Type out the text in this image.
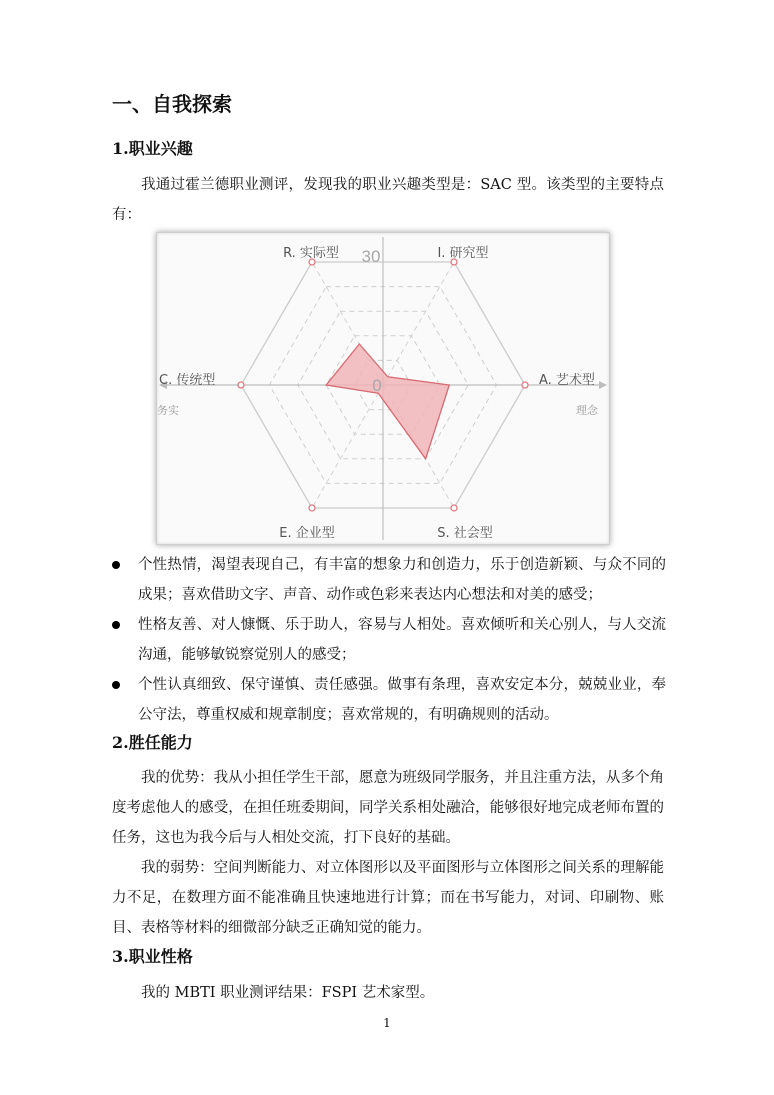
一、自我探索
1.职业兴趣

我通过霍兰德职业测评，发现我的职业兴趣类型是：SAC 型。该类型的主要特点有：

30
0
R. 实际型	I. 研究型
A. 艺术型
S. 社会型
E. 企业型
C. 传统型
务实	理念
个性热情，渴望表现自己，有丰富的想象力和创造力，乐于创造新颖、与众不同的成果；喜欢借助文字、声音、动作或色彩来表达内心想法和对美的感受；
性格友善、对人慷慨、乐于助人，容易与人相处。喜欢倾听和关心别人，与人交流沟通，能够敏锐察觉别人的感受；
个性认真细致、保守谨慎、责任感强。做事有条理，喜欢安定本分，兢兢业业，奉公守法，尊重权威和规章制度；喜欢常规的，有明确规则的活动。
2.胜任能力

我的优势：我从小担任学生干部，愿意为班级同学服务，并且注重方法，从多个角度考虑他人的感受，在担任班委期间，同学关系相处融洽，能够很好地完成老师布置的任务，这也为我今后与人相处交流，打下良好的基础。

我的弱势：空间判断能力、对立体图形以及平面图形与立体图形之间关系的理解能力不足，在数理方面不能准确且快速地进行计算；而在书写能力，对词、印刷物、账目、表格等材料的细微部分缺乏正确知觉的能力。

3.职业性格

我的 MBTI 职业测评结果：FSPI 艺术家型。

1
